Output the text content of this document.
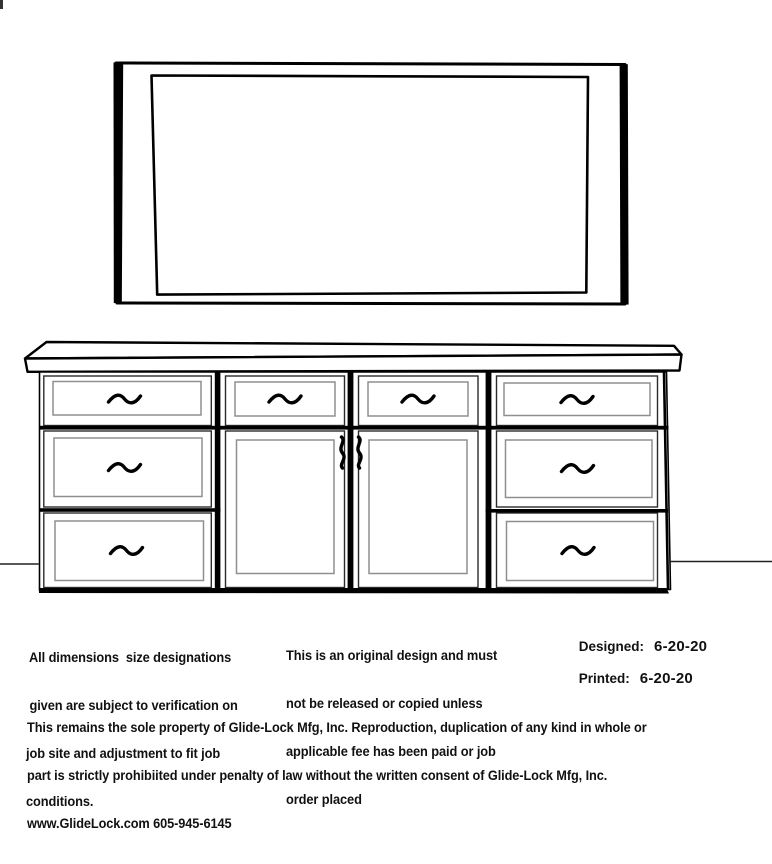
All dimensions  size designations

given are subject to verification on

job site and adjustment to fit job

conditions.

This is an original design and must

not be released or copied unless

applicable fee has been paid or job

order placed

Designed: 6-20-20

Printed: 6-20-20

This remains the sole property of Glide-Lock Mfg, Inc. Reproduction, duplication of any kind in whole or

part is strictly prohibiited under penalty of law without the written consent of Glide-Lock Mfg, Inc.

www.GlideLock.com 605-945-6145
